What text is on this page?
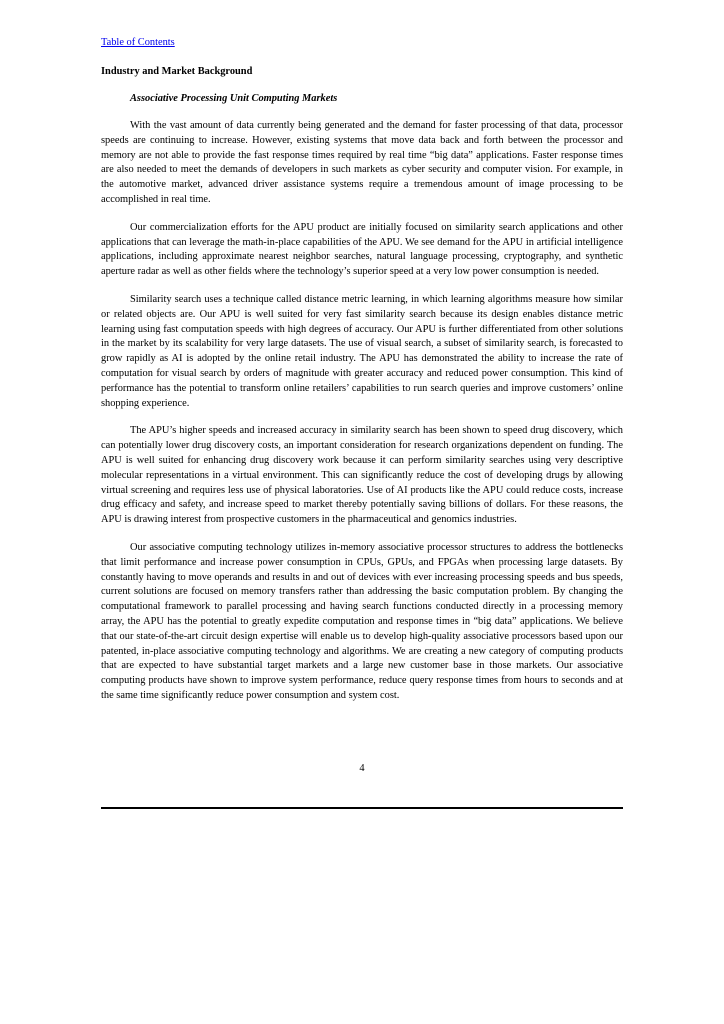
Table of Contents
Industry and Market Background
Associative Processing Unit Computing Markets

With the vast amount of data currently being generated and the demand for faster processing of that data, processor speeds are continuing to increase. However, existing systems that move data back and forth between the processor and memory are not able to provide the fast response times required by real time “big data” applications. Faster response times are also needed to meet the demands of developers in such markets as cyber security and computer vision. For example, in the automotive market, advanced driver assistance systems require a tremendous amount of image processing to be accomplished in real time.

Our commercialization efforts for the APU product are initially focused on similarity search applications and other applications that can leverage the math-in-place capabilities of the APU. We see demand for the APU in artificial intelligence applications, including approximate nearest neighbor searches, natural language processing, cryptography, and synthetic aperture radar as well as other fields where the technology’s superior speed at a very low power consumption is needed.

Similarity search uses a technique called distance metric learning, in which learning algorithms measure how similar or related objects are. Our APU is well suited for very fast similarity search because its design enables distance metric learning using fast computation speeds with high degrees of accuracy. Our APU is further differentiated from other solutions in the market by its scalability for very large datasets. The use of visual search, a subset of similarity search, is forecasted to grow rapidly as AI is adopted by the online retail industry. The APU has demonstrated the ability to increase the rate of computation for visual search by orders of magnitude with greater accuracy and reduced power consumption. This kind of performance has the potential to transform online retailers’ capabilities to run search queries and improve customers’ online shopping experience.

The APU’s higher speeds and increased accuracy in similarity search has been shown to speed drug discovery, which can potentially lower drug discovery costs, an important consideration for research organizations dependent on funding. The APU is well suited for enhancing drug discovery work because it can perform similarity searches using very descriptive molecular representations in a virtual environment. This can significantly reduce the cost of developing drugs by allowing virtual screening and requires less use of physical laboratories. Use of AI products like the APU could reduce costs, increase drug efficacy and safety, and increase speed to market thereby potentially saving billions of dollars. For these reasons, the APU is drawing interest from prospective customers in the pharmaceutical and genomics industries.

Our associative computing technology utilizes in-memory associative processor structures to address the bottlenecks that limit performance and increase power consumption in CPUs, GPUs, and FPGAs when processing large datasets. By constantly having to move operands and results in and out of devices with ever increasing processing speeds and bus speeds, current solutions are focused on memory transfers rather than addressing the basic computation problem. By changing the computational framework to parallel processing and having search functions conducted directly in a processing memory array, the APU has the potential to greatly expedite computation and response times in “big data” applications. We believe that our state-of-the-art circuit design expertise will enable us to develop high-quality associative processors based upon our patented, in-place associative computing technology and algorithms. We are creating a new category of computing products that are expected to have substantial target markets and a large new customer base in those markets. Our associative computing products have shown to improve system performance, reduce query response times from hours to seconds and at the same time significantly reduce power consumption and system cost.

4
